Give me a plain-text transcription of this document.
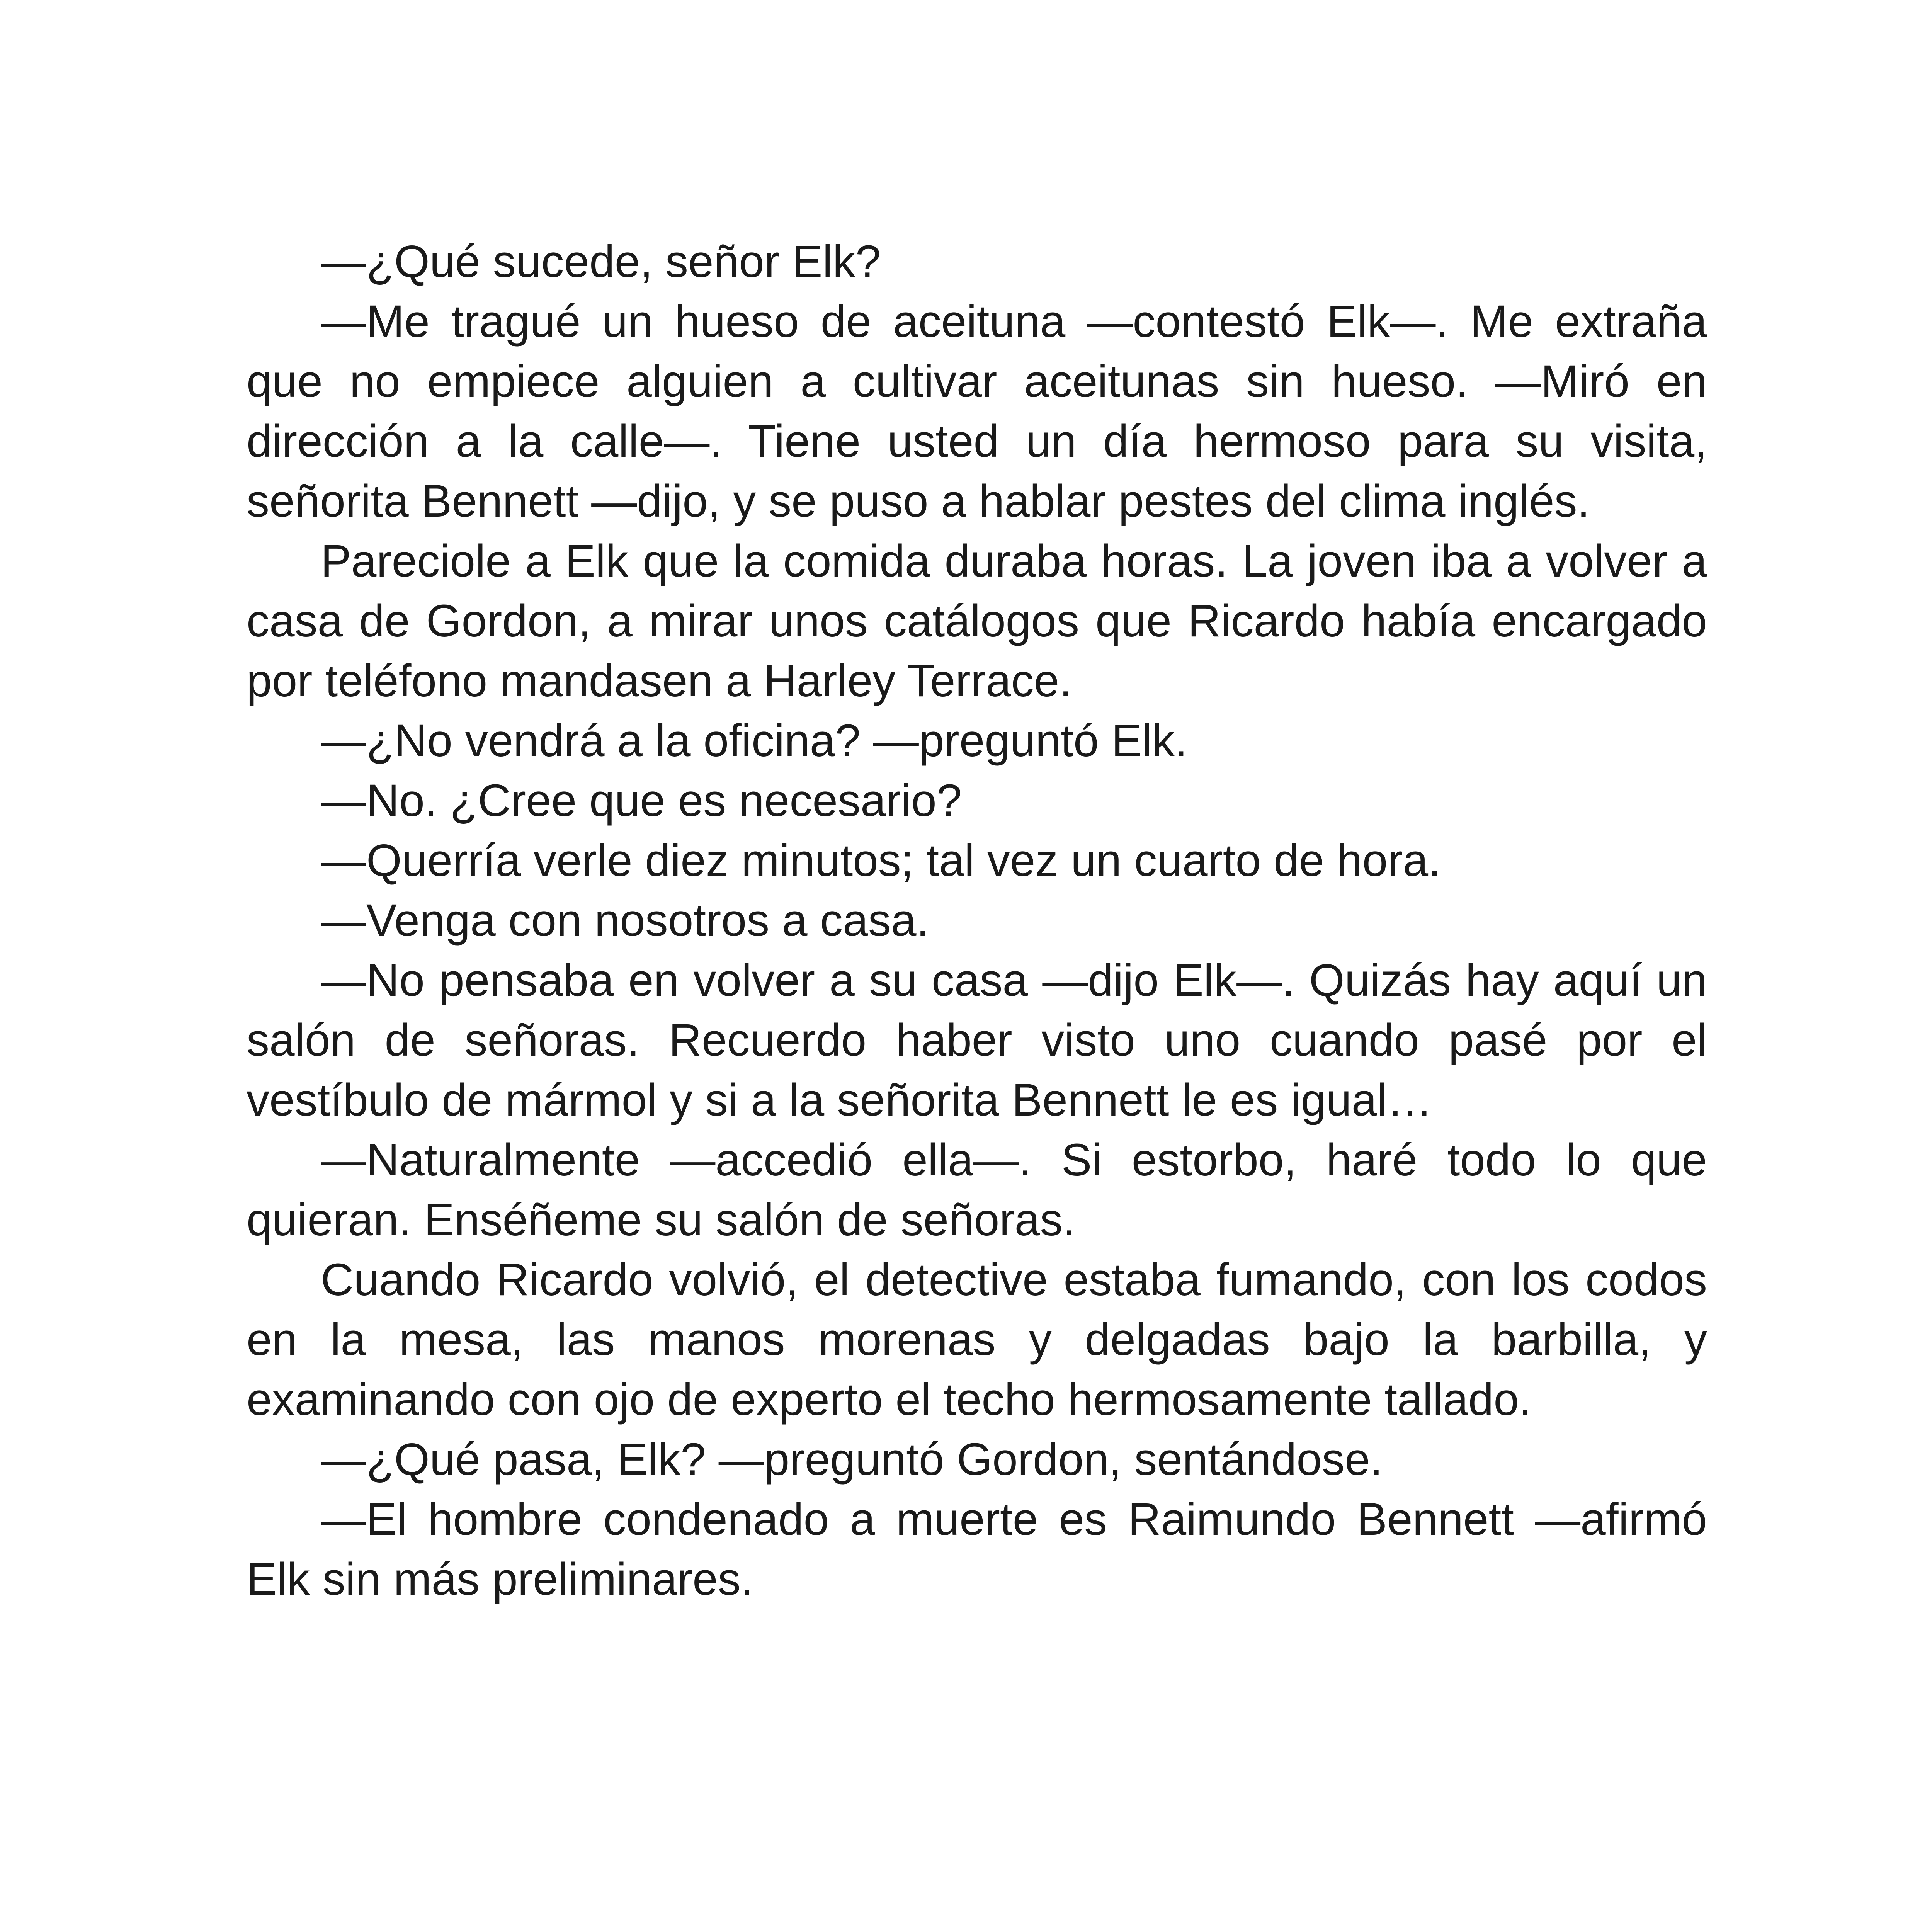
—¿Qué sucede, señor Elk?

—Me tragué un hueso de aceituna —contestó Elk—. Me extraña que no empiece alguien a cultivar aceitunas sin hueso. —Miró en dirección a la calle—. Tiene usted un día hermoso para su visita, señorita Bennett —dijo, y se puso a hablar pestes del clima inglés.

Pareciole a Elk que la comida duraba horas. La joven iba a volver a casa de Gordon, a mirar unos catálogos que Ricardo había encargado por teléfono mandasen a Harley Terrace.

—¿No vendrá a la oficina? —preguntó Elk.

—No. ¿Cree que es necesario?

—Querría verle diez minutos; tal vez un cuarto de hora.

—Venga con nosotros a casa.

—No pensaba en volver a su casa —dijo Elk—. Quizás hay aquí un salón de señoras. Recuerdo haber visto uno cuando pasé por el vestíbulo de mármol y si a la señorita Bennett le es igual…

—Naturalmente —accedió ella—. Si estorbo, haré todo lo que quieran. Enséñeme su salón de señoras.

Cuando Ricardo volvió, el detective estaba fumando, con los codos en la mesa, las manos morenas y delgadas bajo la barbilla, y examinando con ojo de experto el techo hermosamente tallado.

—¿Qué pasa, Elk? —preguntó Gordon, sentándose.

—El hombre condenado a muerte es Raimundo Bennett —afirmó Elk sin más preliminares.
